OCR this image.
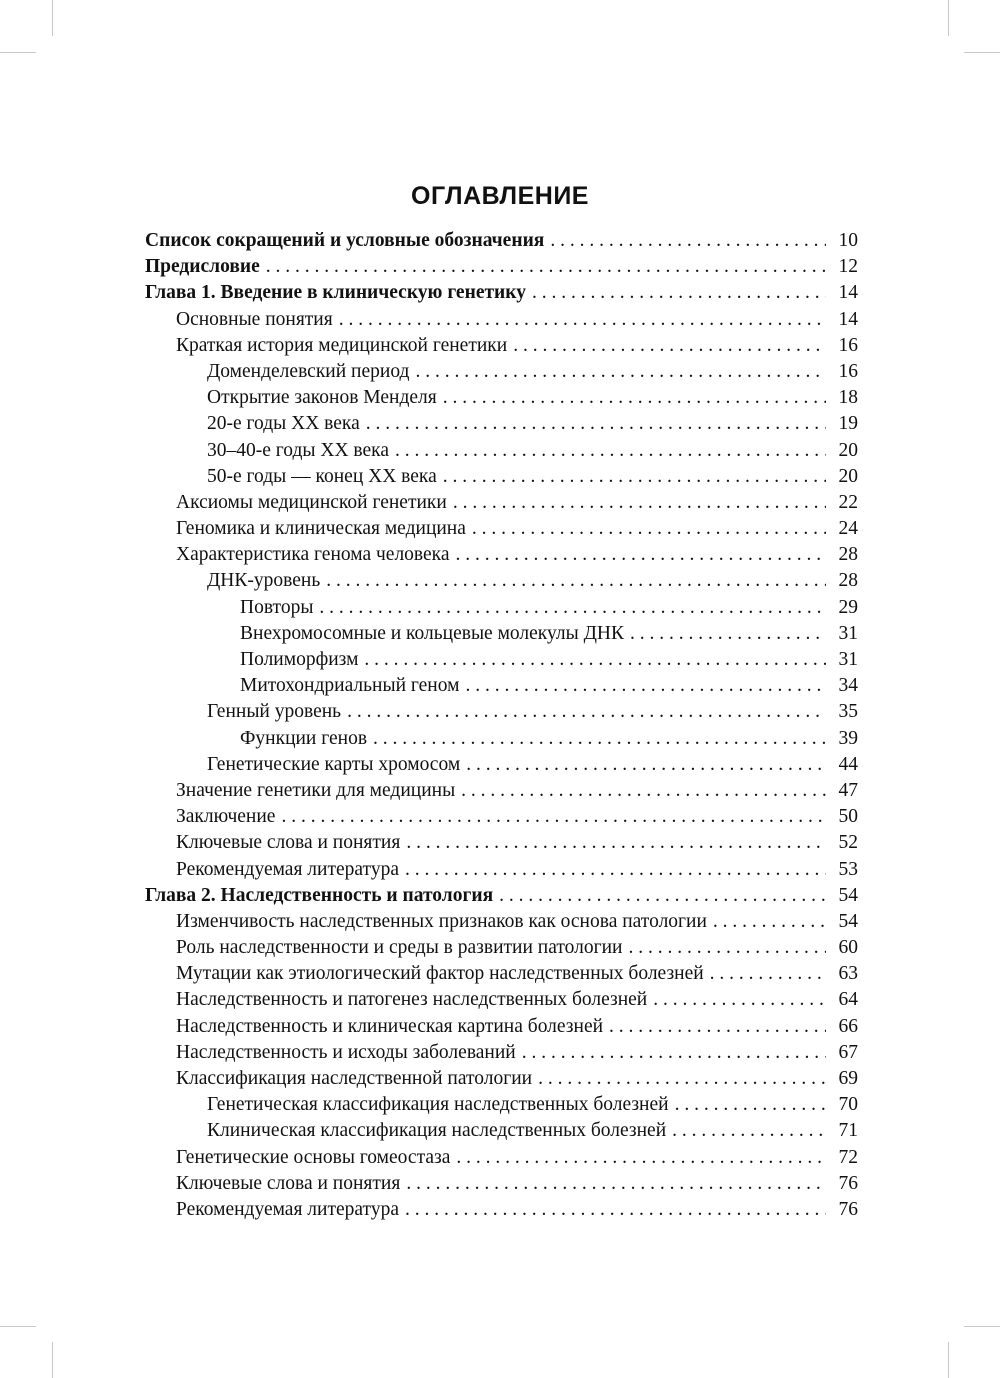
ОГЛАВЛЕНИЕ
Список сокращений и условные обозначения . . .	10
Предисловие . . .	12
Глава 1. Введение в клиническую генетику . . .	14
Основные понятия . . .	14
Краткая история медицинской генетики . . .	16
Доменделевский период . . .	16
Открытие законов Менделя . . .	18
20-е годы XX века . . .	19
30–40-е годы XX века . . .	20
50-е годы — конец XX века . . .	20
Аксиомы медицинской генетики . . .	22
Геномика и клиническая медицина . . .	24
Характеристика генома человека . . .	28
ДНК-уровень . . .	28
Повторы . . .	29
Внехромосомные и кольцевые молекулы ДНК . . .	31
Полиморфизм . . .	31
Митохондриальный геном . . .	34
Генный уровень . . .	35
Функции генов . . .	39
Генетические карты хромосом . . .	44
Значение генетики для медицины . . .	47
Заключение . . .	50
Ключевые слова и понятия . . .	52
Рекомендуемая литература . . .	53
Глава 2. Наследственность и патология . . .	54
Изменчивость наследственных признаков как основа патологии . . .	54
Роль наследственности и среды в развитии патологии . . .	60
Мутации как этиологический фактор наследственных болезней . . .	63
Наследственность и патогенез наследственных болезней . . .	64
Наследственность и клиническая картина болезней . . .	66
Наследственность и исходы заболеваний . . .	67
Классификация наследственной патологии . . .	69
Генетическая классификация наследственных болезней . . .	70
Клиническая классификация наследственных болезней . . .	71
Генетические основы гомеостаза . . .	72
Ключевые слова и понятия . . .	76
Рекомендуемая литература . . .	76
